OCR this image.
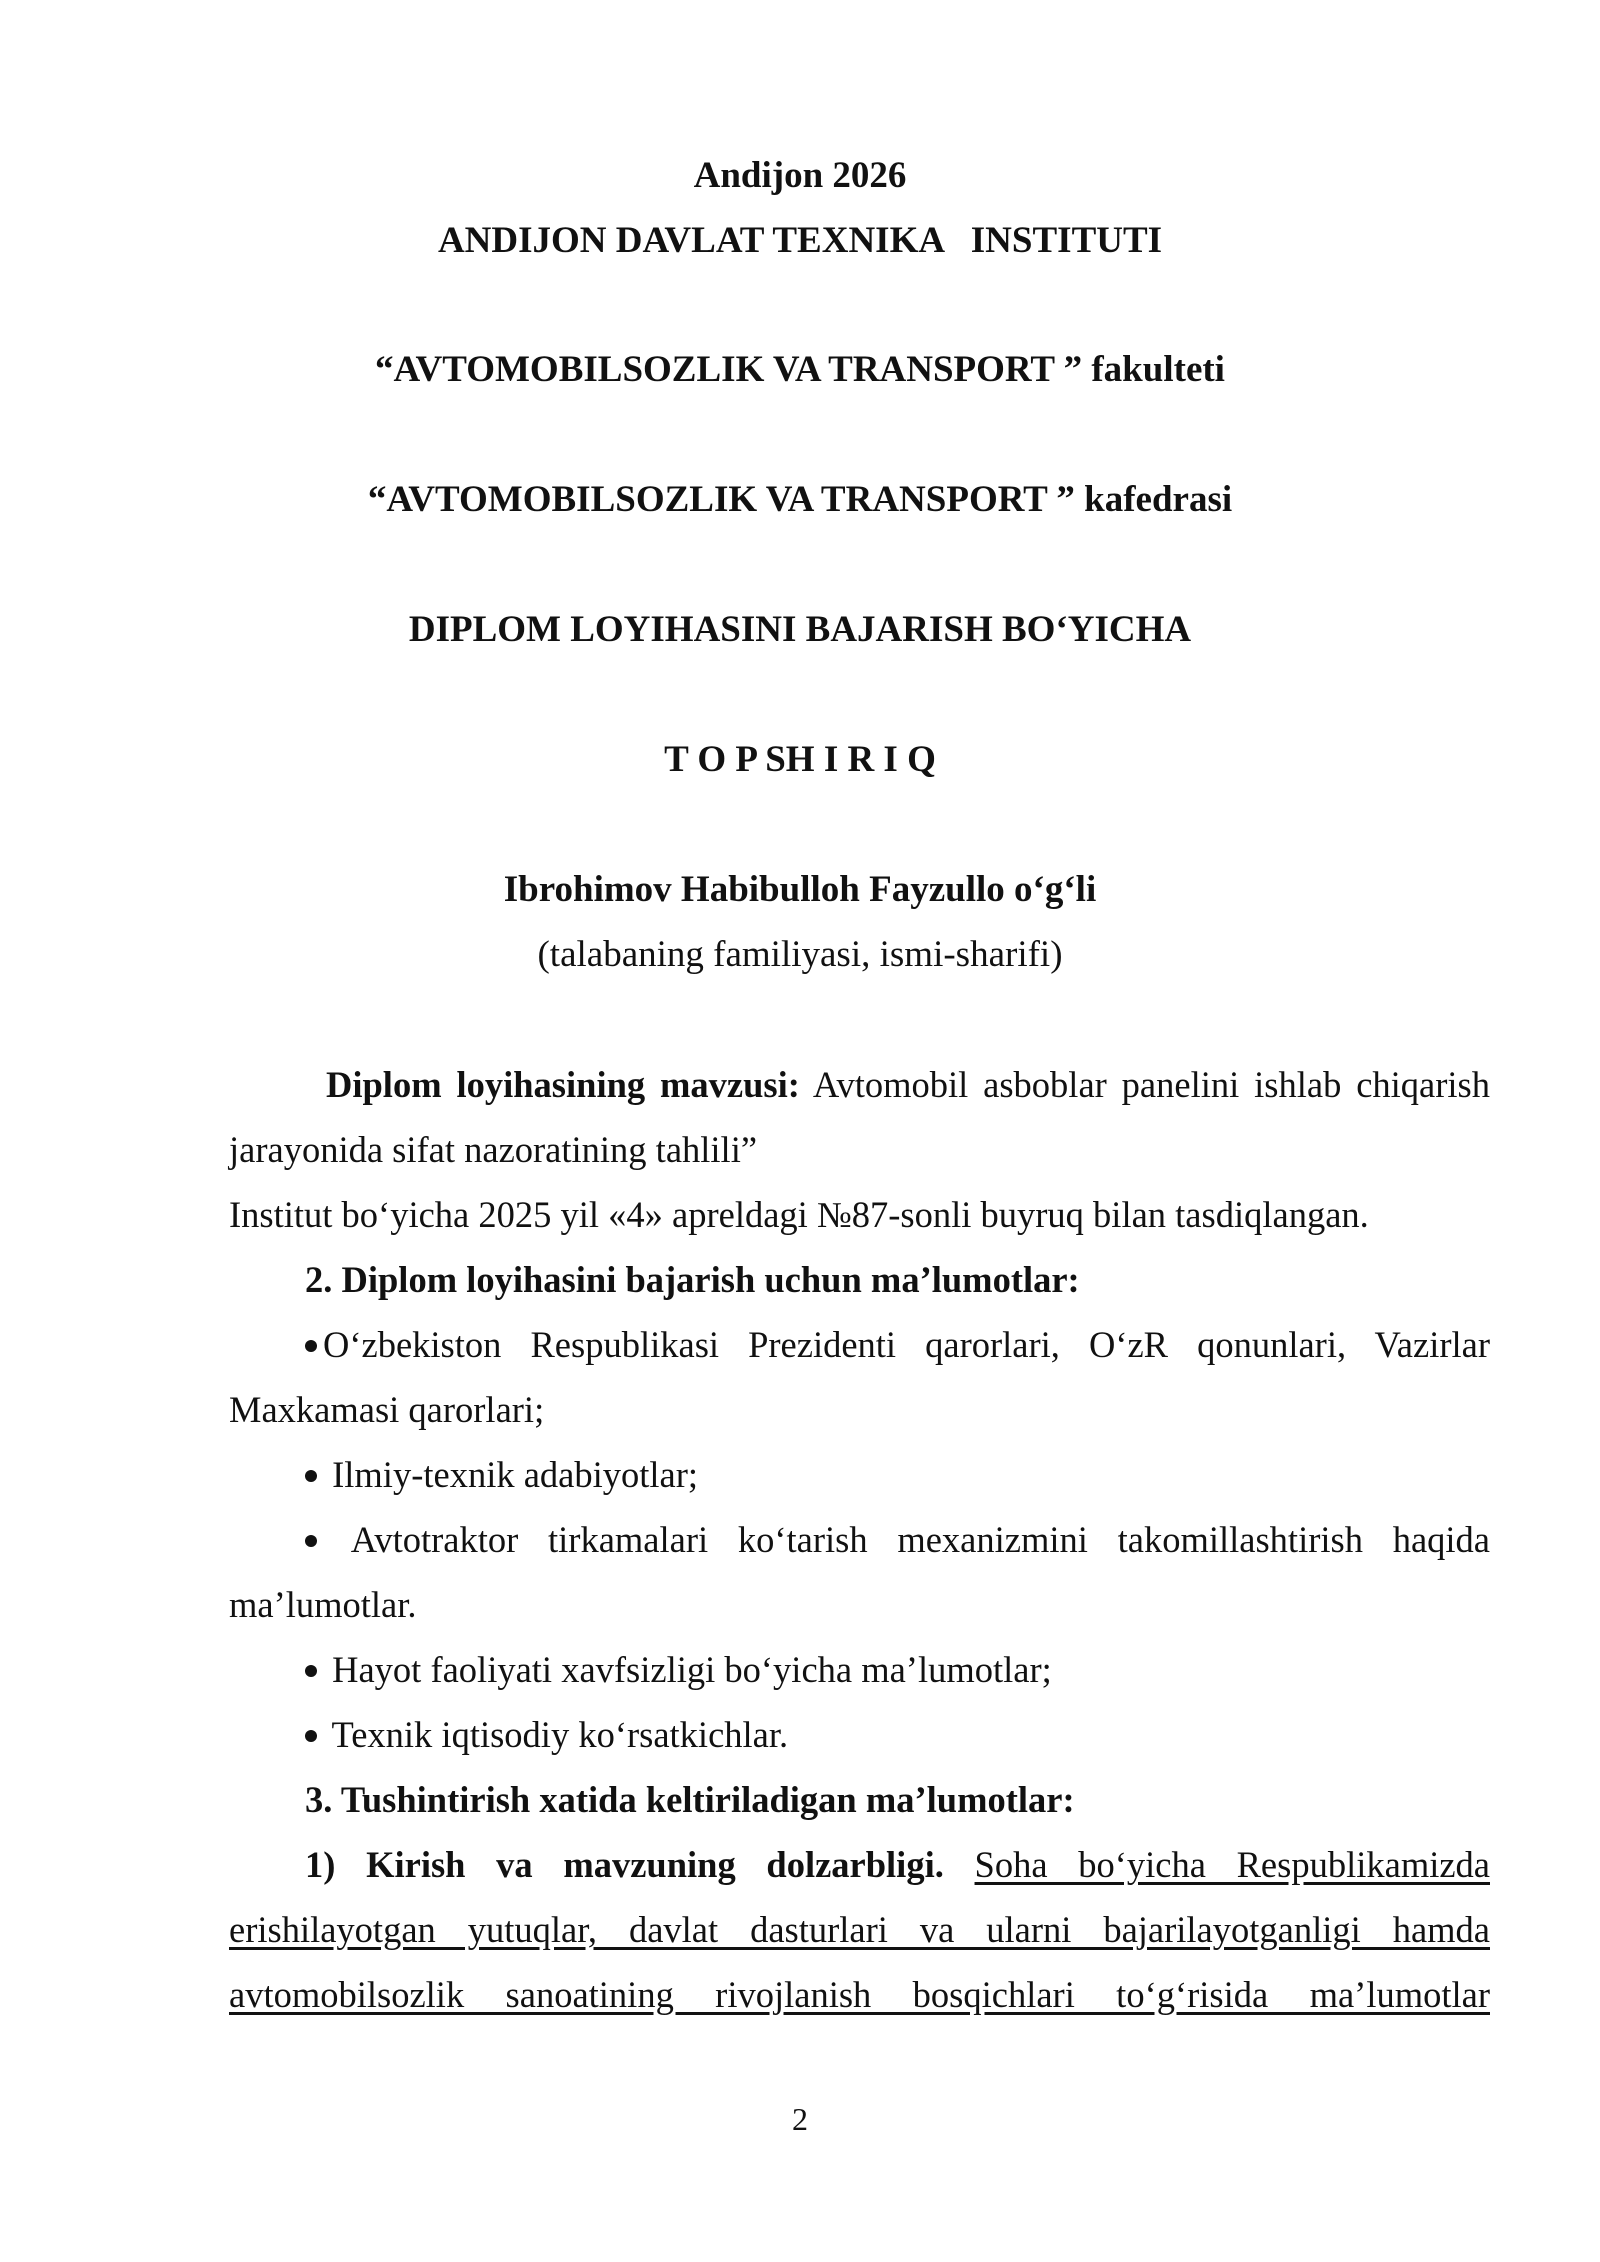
Andijon 2026
ANDIJON DAVLAT TEXNIKA   INSTITUTI
“AVTOMOBILSOZLIK VA TRANSPORT ” fakulteti
“AVTOMOBILSOZLIK VA TRANSPORT ” kafedrasi
DIPLOM LOYIHASINI BAJARISH BO‘YICHA
T O P SH I R I Q
Ibrohimov Habibulloh Fayzullo o‘g‘li
(talabaning familiyasi, ismi-sharifi)

Diplom loyihasining mavzusi: Avtomobil asboblar panelini ishlab chiqarish jarayonida sifat nazoratining tahlili”

Institut bo‘yicha 2025 yil «4» apreldagi №87-sonli buyruq bilan tasdiqlangan.

2. Diplom loyihasini bajarish uchun ma’lumotlar:

O‘zbekiston Respublikasi Prezidenti qarorlari, O‘zR qonunlari, Vazirlar Maxkamasi qarorlari;

Ilmiy-texnik adabiyotlar;

Avtotraktor tirkamalari ko‘tarish mexanizmini takomillashtirish haqida ma’lumotlar.

Hayot faoliyati xavfsizligi bo‘yicha ma’lumotlar;

Texnik iqtisodiy ko‘rsatkichlar.

3. Tushintirish xatida keltiriladigan ma’lumotlar:

1) Kirish va mavzuning dolzarbligi. Soha bo‘yicha Respublikamizda erishilayotgan yutuqlar, davlat dasturlari va ularni bajarilayotganligi hamda avtomobilsozlik sanoatining rivojlanish bosqichlari to‘g‘risida ma’lumotlar

2
